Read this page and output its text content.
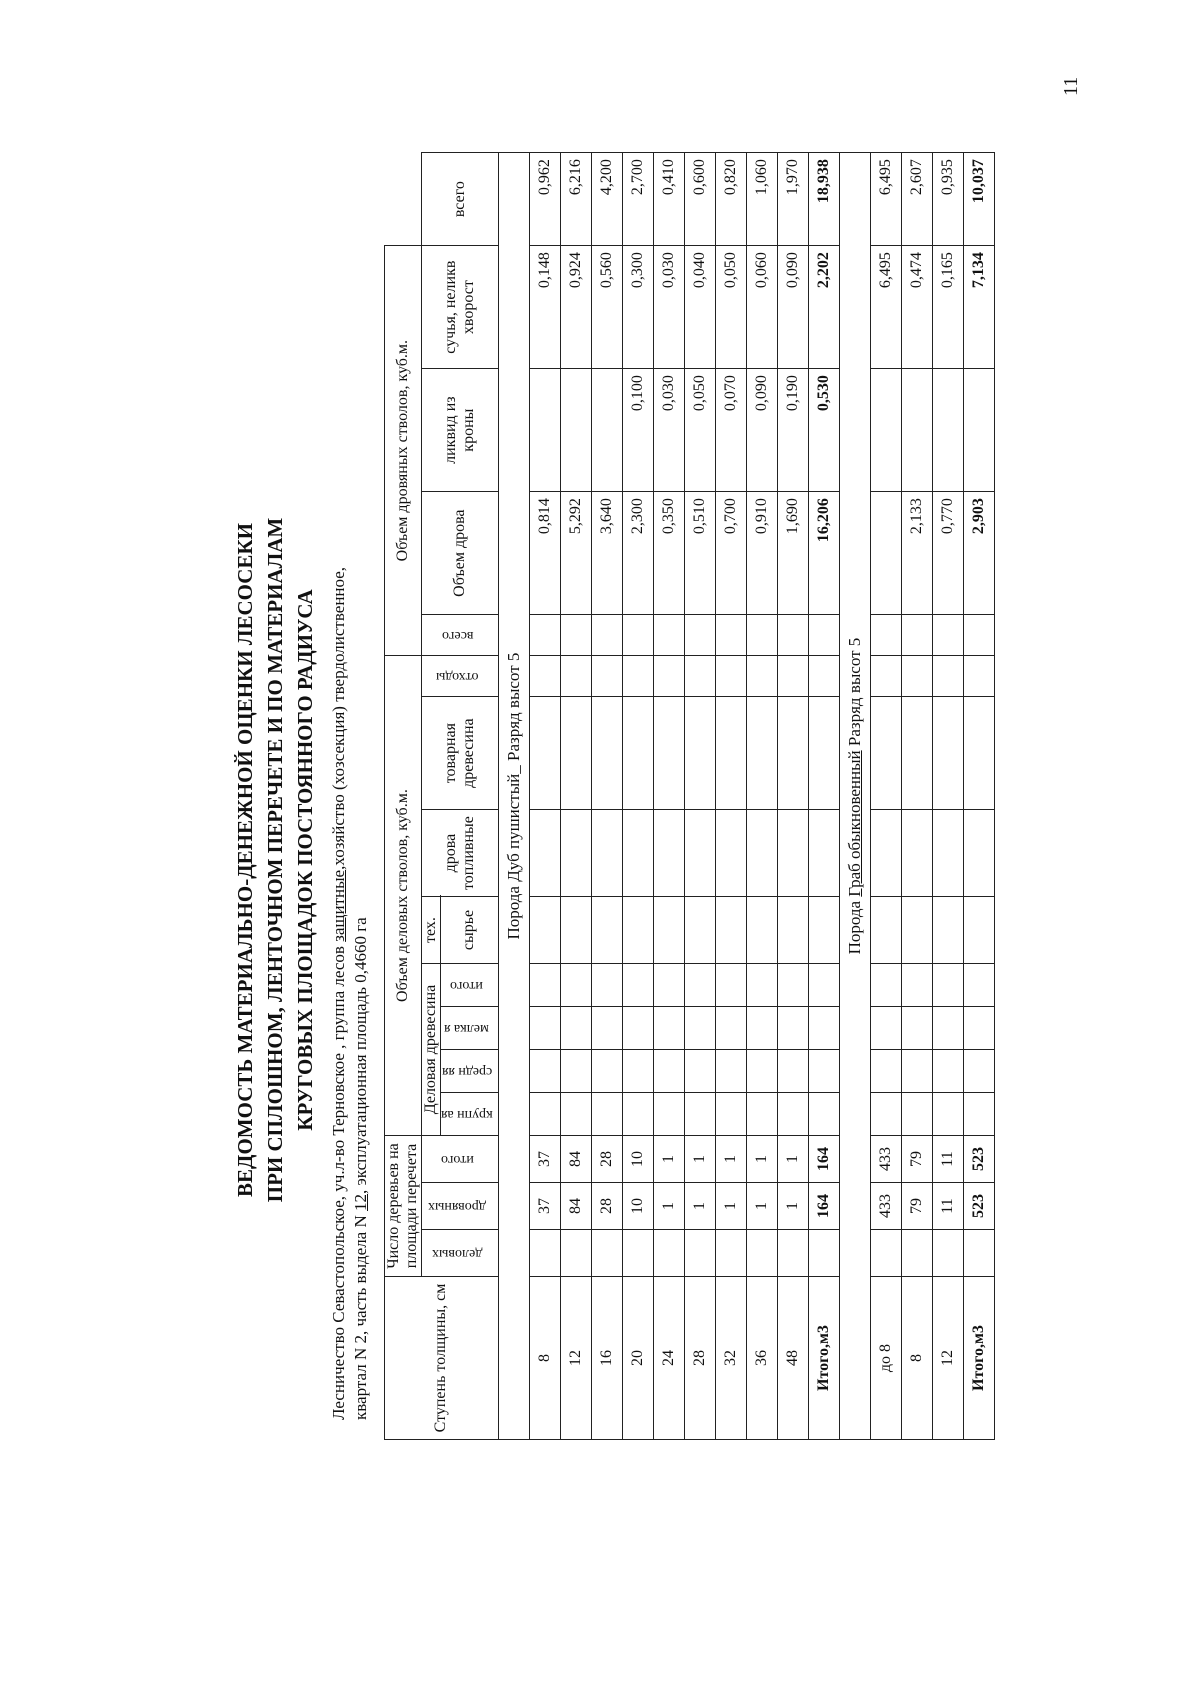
11
ВЕДОМОСТЬ МАТЕРИАЛЬНО-ДЕНЕЖНОЙ ОЦЕНКИ ЛЕСОСЕКИ ПРИ СПЛОШНОМ, ЛЕНТОЧНОМ ПЕРЕЧЕТЕ И ПО МАТЕРИАЛАМ КРУГОВЫХ ПЛОЩАДОК ПОСТОЯННОГО РАДИУСА
Лесничество Севастопольское, уч.л-во Терновское , группа лесов защитные,хозяйство (хозсекция) твердолиственное,
квартал N 2, часть выдела N 12, эксплуатационная площадь 0,4660 га
Ступень толщины, см	Число деревьев на площади перечета			Объем деловых стволов, куб.м.								Объем дровяных стволов, куб.м.				
	деловых	дровяных	итого	Деловая древесина				тех.	дрова топливные	товарная древесина	отходы	всего	Объем дрова	ликвид из кроны	сучья, неликв хворост	всего
				крупн ая	средн яя	мелка я	итого	сырье								
Порода Дуб пушистый_ Разряд высот 5																
8		37	37										0,814		0,148	0,962
12		84	84										5,292		0,924	6,216
16		28	28										3,640		0,560	4,200
20		10	10										2,300	0,100	0,300	2,700
24		1	1										0,350	0,030	0,030	0,410
28		1	1										0,510	0,050	0,040	0,600
32		1	1										0,700	0,070	0,050	0,820
36		1	1										0,910	0,090	0,060	1,060
48		1	1										1,690	0,190	0,090	1,970
Итого,м3		164	164										16,206	0,530	2,202	18,938
Порода Граб обыкновенный Разряд высот 5																
до 8		433	433												6,495	6,495
8		79	79										2,133		0,474	2,607
12		11	11										0,770		0,165	0,935
Итого,м3		523	523										2,903		7,134	10,037
